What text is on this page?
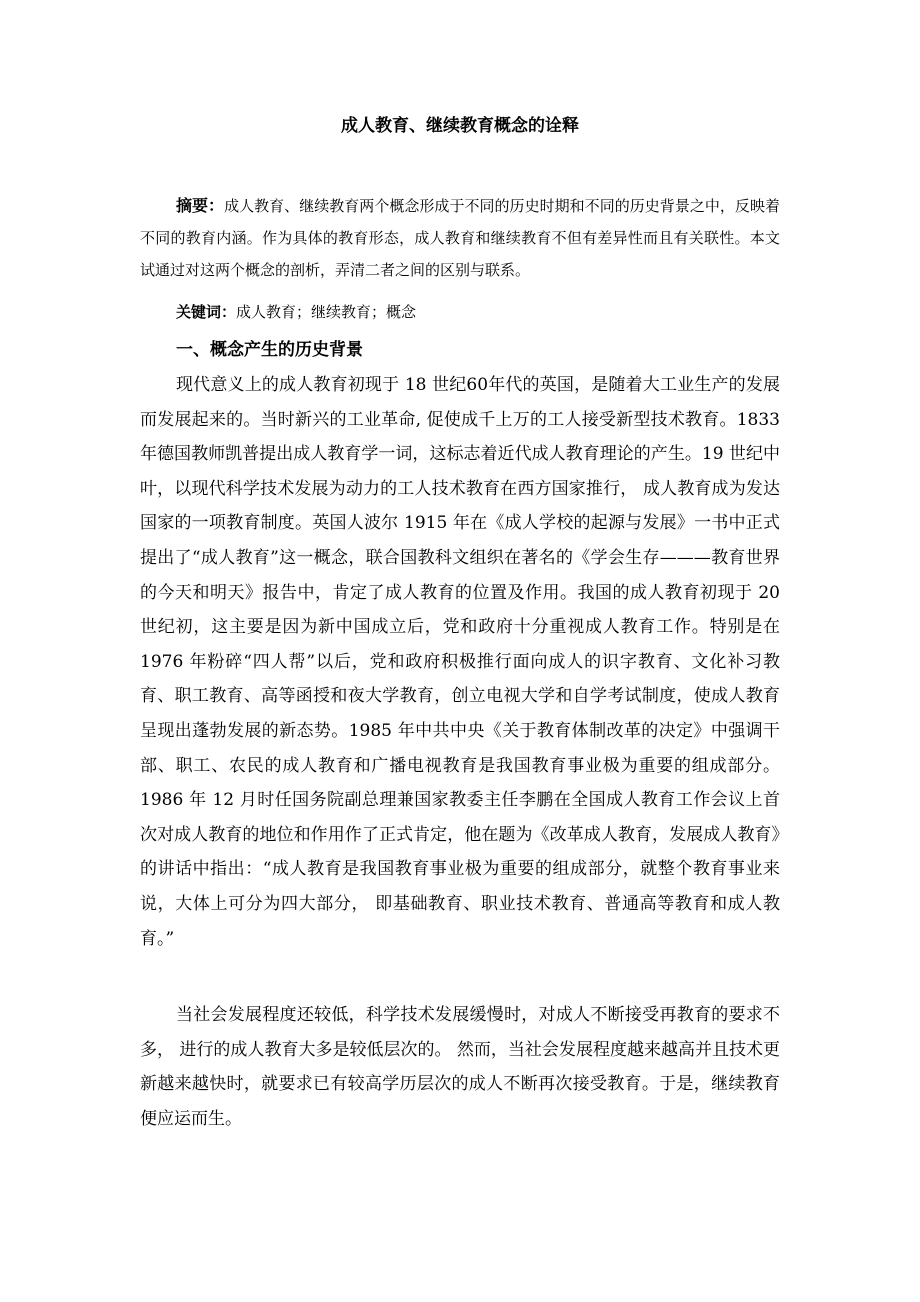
成人教育、继续教育概念的诠释

摘要：成人教育、继续教育两个概念形成于不同的历史时期和不同的历史背景之中，反映着不同的教育内涵。作为具体的教育形态，成人教育和继续教育不但有差异性而且有关联性。本文试通过对这两个概念的剖析，弄清二者之间的区别与联系。

关键词：成人教育；继续教育；概念

一、概念产生的历史背景

现代意义上的成人教育初现于 18 世纪60年代的英国，是随着大工业生产的发展而发展起来的。当时新兴的工业革命, 促使成千上万的工人接受新型技术教育。1833 年德国教师凯普提出成人教育学一词，这标志着近代成人教育理论的产生。19 世纪中叶，以现代科学技术发展为动力的工人技术教育在西方国家推行， 成人教育成为发达国家的一项教育制度。英国人波尔 1915 年在《成人学校的起源与发展》一书中正式提出了“成人教育”这一概念，联合国教科文组织在著名的《学会生存———教育世界的今天和明天》报告中，肯定了成人教育的位置及作用。我国的成人教育初现于 20 世纪初，这主要是因为新中国成立后，党和政府十分重视成人教育工作。特别是在 1976 年粉碎“四人帮”以后，党和政府积极推行面向成人的识字教育、文化补习教育、职工教育、高等函授和夜大学教育，创立电视大学和自学考试制度，使成人教育呈现出蓬勃发展的新态势。1985 年中共中央《关于教育体制改革的决定》中强调干部、职工、农民的成人教育和广播电视教育是我国教育事业极为重要的组成部分。1986 年 12 月时任国务院副总理兼国家教委主任李鹏在全国成人教育工作会议上首次对成人教育的地位和作用作了正式肯定，他在题为《改革成人教育，发展成人教育》的讲话中指出：“成人教育是我国教育事业极为重要的组成部分，就整个教育事业来说，大体上可分为四大部分， 即基础教育、职业技术教育、普通高等教育和成人教育。”

当社会发展程度还较低，科学技术发展缓慢时，对成人不断接受再教育的要求不多， 进行的成人教育大多是较低层次的。 然而，当社会发展程度越来越高并且技术更新越来越快时，就要求已有较高学历层次的成人不断再次接受教育。于是，继续教育便应运而生。
